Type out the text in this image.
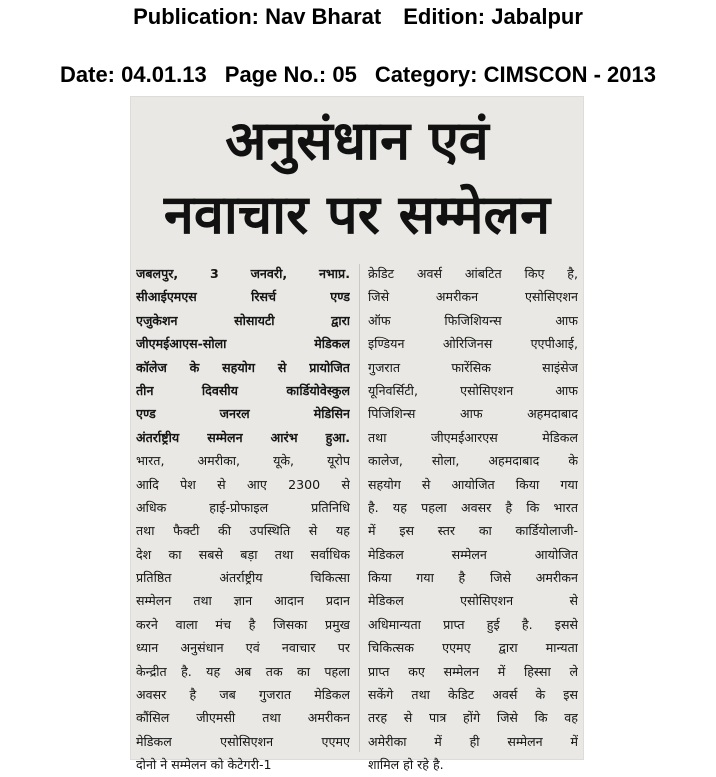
Publication: Nav Bharat Edition: Jabalpur
Date: 04.01.13 Page No.: 05 Category: CIMSCON - 2013
अनुसंधान एवं
नवाचार पर सम्मेलन
जबलपुर, 3 जनवरी, नभाप्र.
सीआईएमएस रिसर्च एण्ड
एजुकेशन सोसायटी द्वारा
जीएमईआएस-सोला मेडिकल
कॉलेज के सहयोग से प्रायोजित
तीन दिवसीय कार्डियोवेस्कुल
एण्ड जनरल मेडिसिन
अंतर्राष्ट्रीय सम्मेलन आरंभ हुआ.
भारत, अमरीका, यूके, यूरोप
आदि पेश से आए 2300 से
अधिक हाई-प्रोफाइल प्रतिनिधि
तथा फैक्टी की उपस्थिति से यह
देश का सबसे बड़ा तथा सर्वाधिक
प्रतिष्ठित अंतर्राष्ट्रीय चिकित्सा
सम्मेलन तथा ज्ञान आदान प्रदान
करने वाला मंच है जिसका प्रमुख
ध्यान अनुसंधान एवं नवाचार पर
केन्द्रीत है. यह अब तक का पहला
अवसर है जब गुजरात मेडिकल
कौंसिल जीएमसी तथा अमरीकन
मेडिकल एसोसिएशन एएमए
दोनो ने सम्मेलन को केटेगरी-1
क्रेडिट अवर्स आंबटित किए है,
जिसे अमरीकन एसोसिएशन
ऑफ फिजिशियन्स आफ
इण्डियन ओरिजिनस एएपीआई,
गुजरात फारेंसिक साइंसेज
यूनिवर्सिटी, एसोसिएशन आफ
पिजिशिन्स आफ अहमदाबाद
तथा जीएमईआरएस मेडिकल
कालेज, सोला, अहमदाबाद के
सहयोग से आयोजित किया गया
है. यह पहला अवसर है कि भारत
में इस स्तर का कार्डियोलाजी-
मेडिकल सम्मेलन आयोजित
किया गया है जिसे अमरीकन
मेडिकल एसोसिएशन से
अधिमान्यता प्राप्त हुई है. इससे
चिकित्सक एएमए द्वारा मान्यता
प्राप्त कए सम्मेलन में हिस्सा ले
सकेंगे तथा केडिट अवर्स के इस
तरह से पात्र होंगे जिसे कि वह
अमेरीका में ही सम्मेलन में
शामिल हो रहे है.
